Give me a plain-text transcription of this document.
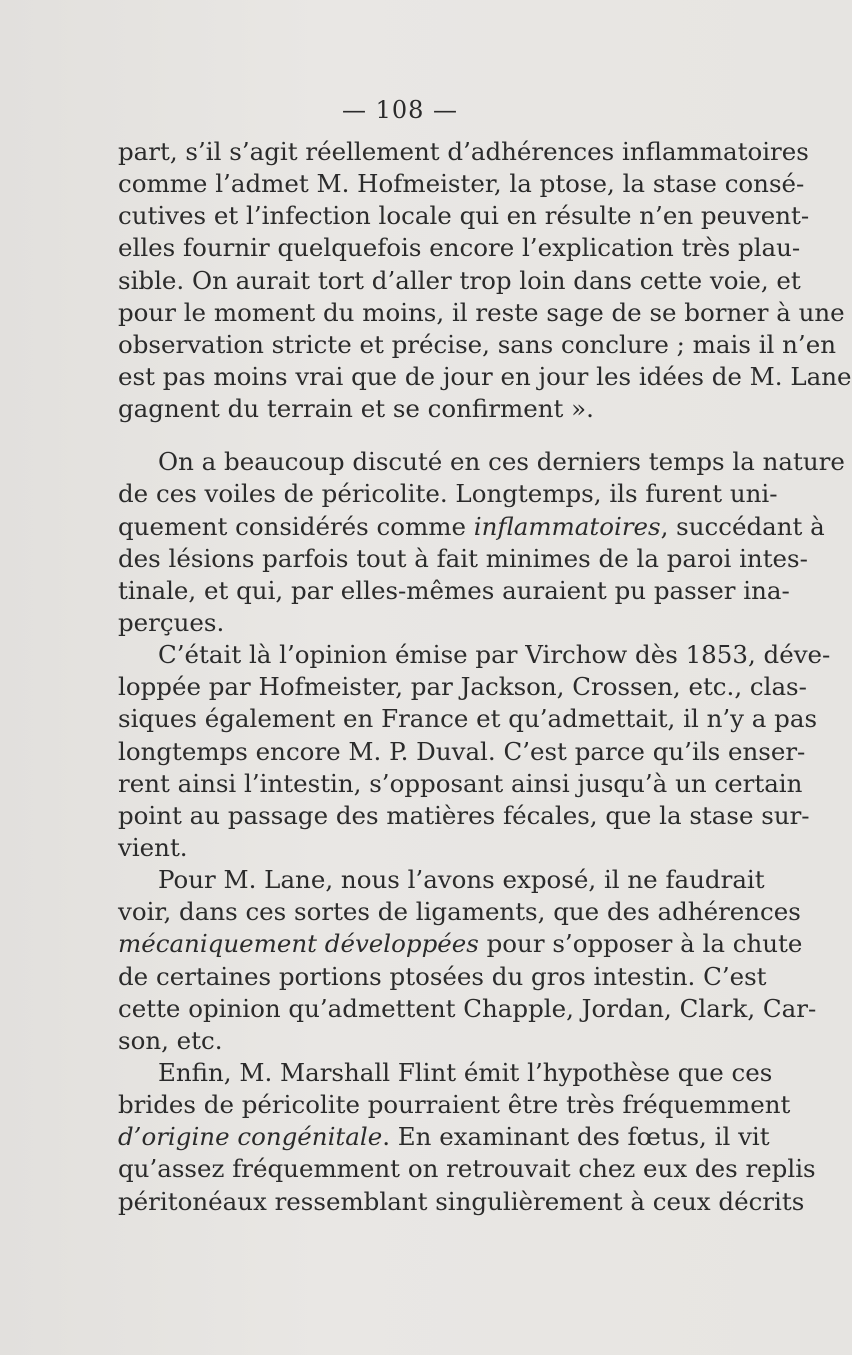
— 108 —
part, s’il s’agit réellement d’adhérences inflammatoires
comme l’admet M. Hofmeister, la ptose, la stase consé-
cutives et l’infection locale qui en résulte n’en peuvent-
elles fournir quelquefois encore l’explication très plau-
sible. On aurait tort d’aller trop loin dans cette voie, et
pour le moment du moins, il reste sage de se borner à une
observation stricte et précise, sans conclure ; mais il n’en
est pas moins vrai que de jour en jour les idées de M. Lane
gagnent du terrain et se confirment ».
On a beaucoup discuté en ces derniers temps la nature
de ces voiles de péricolite. Longtemps, ils furent uni-
quement considérés comme inflammatoires, succédant à
des lésions parfois tout à fait minimes de la paroi intes-
tinale, et qui, par elles-mêmes auraient pu passer ina-
perçues.
C’était là l’opinion émise par Virchow dès 1853, déve-
loppée par Hofmeister, par Jackson, Crossen, etc., clas-
siques également en France et qu’admettait, il n’y a pas
longtemps encore M. P. Duval. C’est parce qu’ils enser-
rent ainsi l’intestin, s’opposant ainsi jusqu’à un certain
point au passage des matières fécales, que la stase sur-
vient.
Pour M. Lane, nous l’avons exposé, il ne faudrait
voir, dans ces sortes de ligaments, que des adhérences
mécaniquement développées pour s’opposer à la chute
de certaines portions ptosées du gros intestin. C’est
cette opinion qu’admettent Chapple, Jordan, Clark, Car-
son, etc.
Enfin, M. Marshall Flint émit l’hypothèse que ces
brides de péricolite pourraient être très fréquemment
d’origine congénitale. En examinant des fœtus, il vit
qu’assez fréquemment on retrouvait chez eux des replis
péritonéaux ressemblant singulièrement à ceux décrits
